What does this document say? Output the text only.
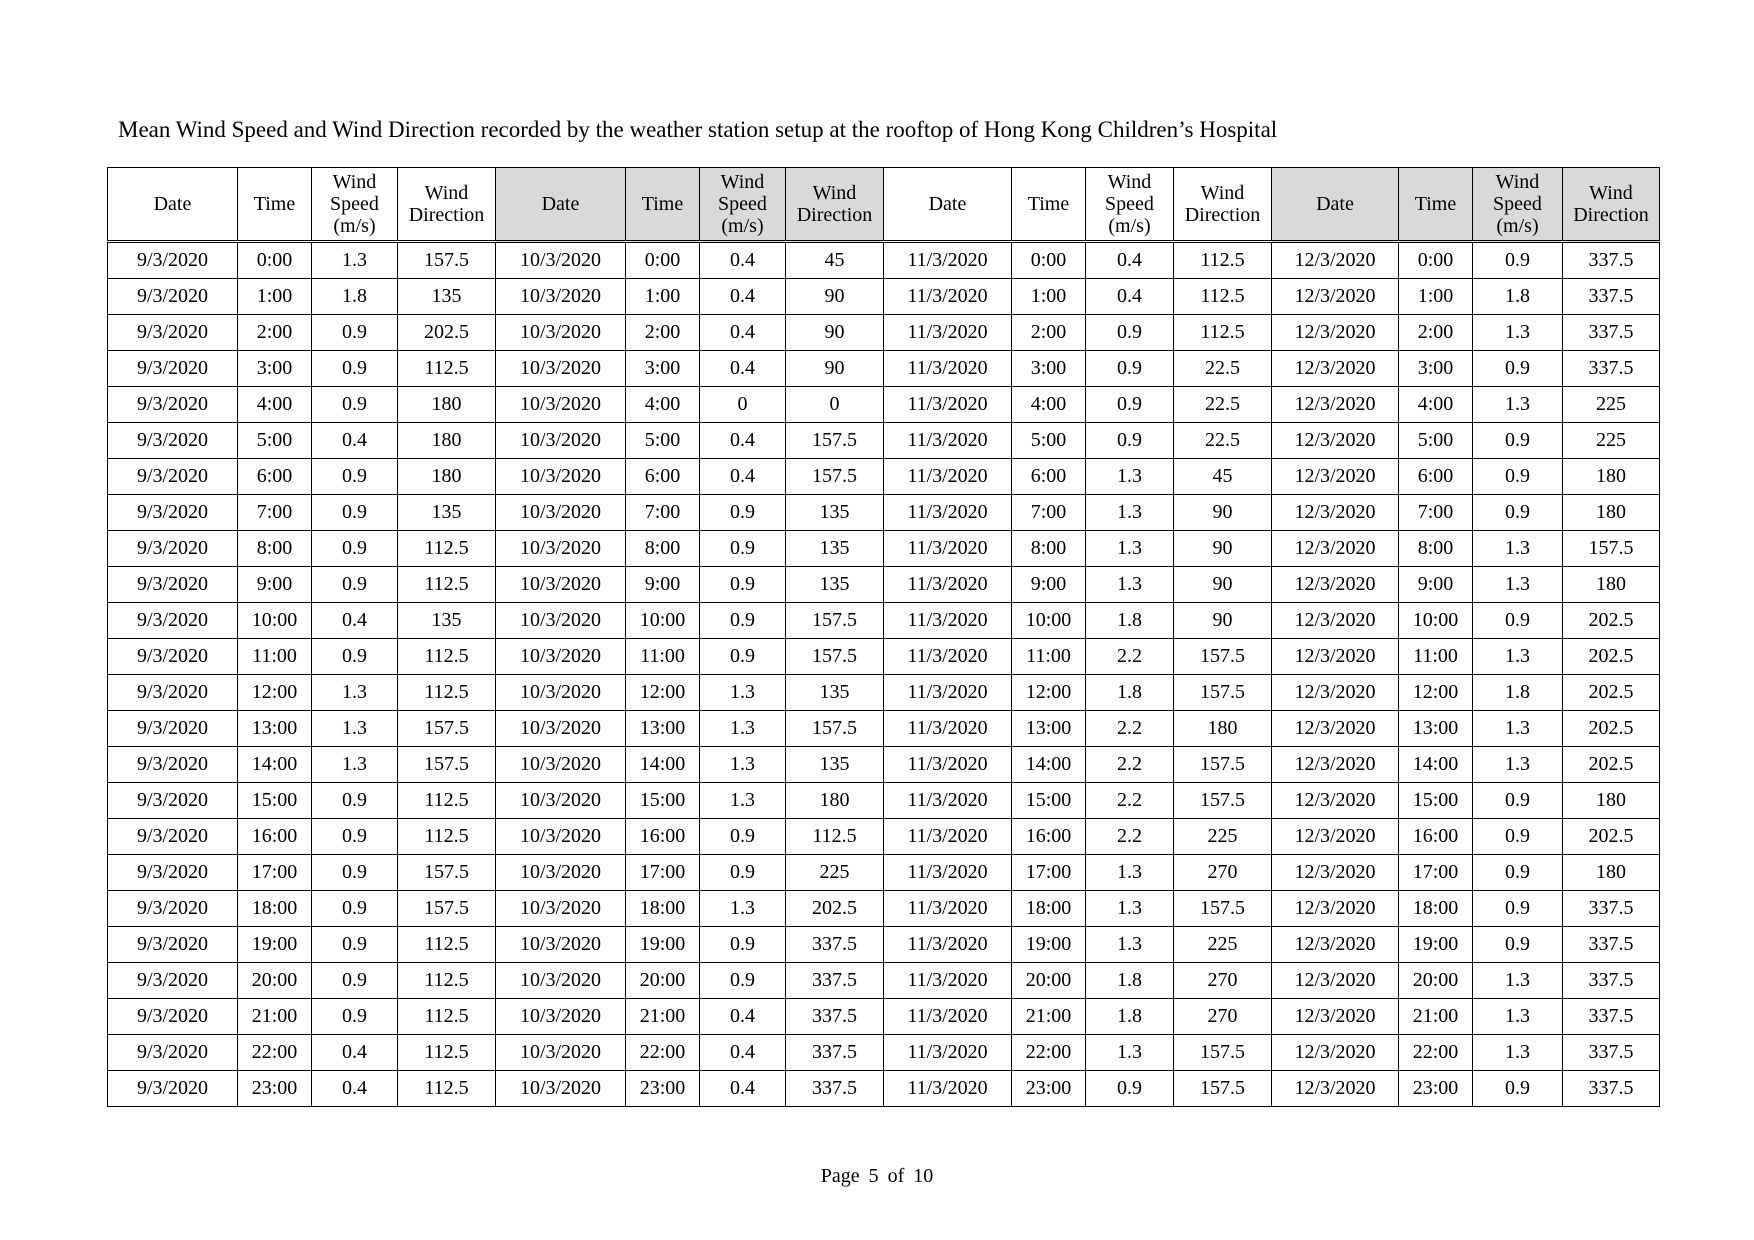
Mean Wind Speed and Wind Direction recorded by the weather station setup at the rooftop of Hong Kong Children’s Hospital
Date	Time	Wind
Speed
(m/s)	Wind
Direction	Date	Time	Wind
Speed
(m/s)	Wind
Direction	Date	Time	Wind
Speed
(m/s)	Wind
Direction	Date	Time	Wind
Speed
(m/s)	Wind
Direction

9/3/2020	0:00	1.3	157.5	10/3/2020	0:00	0.4	45	11/3/2020	0:00	0.4	112.5	12/3/2020	0:00	0.9	337.5
9/3/2020	1:00	1.8	135	10/3/2020	1:00	0.4	90	11/3/2020	1:00	0.4	112.5	12/3/2020	1:00	1.8	337.5
9/3/2020	2:00	0.9	202.5	10/3/2020	2:00	0.4	90	11/3/2020	2:00	0.9	112.5	12/3/2020	2:00	1.3	337.5
9/3/2020	3:00	0.9	112.5	10/3/2020	3:00	0.4	90	11/3/2020	3:00	0.9	22.5	12/3/2020	3:00	0.9	337.5
9/3/2020	4:00	0.9	180	10/3/2020	4:00	0	0	11/3/2020	4:00	0.9	22.5	12/3/2020	4:00	1.3	225
9/3/2020	5:00	0.4	180	10/3/2020	5:00	0.4	157.5	11/3/2020	5:00	0.9	22.5	12/3/2020	5:00	0.9	225
9/3/2020	6:00	0.9	180	10/3/2020	6:00	0.4	157.5	11/3/2020	6:00	1.3	45	12/3/2020	6:00	0.9	180
9/3/2020	7:00	0.9	135	10/3/2020	7:00	0.9	135	11/3/2020	7:00	1.3	90	12/3/2020	7:00	0.9	180
9/3/2020	8:00	0.9	112.5	10/3/2020	8:00	0.9	135	11/3/2020	8:00	1.3	90	12/3/2020	8:00	1.3	157.5
9/3/2020	9:00	0.9	112.5	10/3/2020	9:00	0.9	135	11/3/2020	9:00	1.3	90	12/3/2020	9:00	1.3	180
9/3/2020	10:00	0.4	135	10/3/2020	10:00	0.9	157.5	11/3/2020	10:00	1.8	90	12/3/2020	10:00	0.9	202.5
9/3/2020	11:00	0.9	112.5	10/3/2020	11:00	0.9	157.5	11/3/2020	11:00	2.2	157.5	12/3/2020	11:00	1.3	202.5
9/3/2020	12:00	1.3	112.5	10/3/2020	12:00	1.3	135	11/3/2020	12:00	1.8	157.5	12/3/2020	12:00	1.8	202.5
9/3/2020	13:00	1.3	157.5	10/3/2020	13:00	1.3	157.5	11/3/2020	13:00	2.2	180	12/3/2020	13:00	1.3	202.5
9/3/2020	14:00	1.3	157.5	10/3/2020	14:00	1.3	135	11/3/2020	14:00	2.2	157.5	12/3/2020	14:00	1.3	202.5
9/3/2020	15:00	0.9	112.5	10/3/2020	15:00	1.3	180	11/3/2020	15:00	2.2	157.5	12/3/2020	15:00	0.9	180
9/3/2020	16:00	0.9	112.5	10/3/2020	16:00	0.9	112.5	11/3/2020	16:00	2.2	225	12/3/2020	16:00	0.9	202.5
9/3/2020	17:00	0.9	157.5	10/3/2020	17:00	0.9	225	11/3/2020	17:00	1.3	270	12/3/2020	17:00	0.9	180
9/3/2020	18:00	0.9	157.5	10/3/2020	18:00	1.3	202.5	11/3/2020	18:00	1.3	157.5	12/3/2020	18:00	0.9	337.5
9/3/2020	19:00	0.9	112.5	10/3/2020	19:00	0.9	337.5	11/3/2020	19:00	1.3	225	12/3/2020	19:00	0.9	337.5
9/3/2020	20:00	0.9	112.5	10/3/2020	20:00	0.9	337.5	11/3/2020	20:00	1.8	270	12/3/2020	20:00	1.3	337.5
9/3/2020	21:00	0.9	112.5	10/3/2020	21:00	0.4	337.5	11/3/2020	21:00	1.8	270	12/3/2020	21:00	1.3	337.5
9/3/2020	22:00	0.4	112.5	10/3/2020	22:00	0.4	337.5	11/3/2020	22:00	1.3	157.5	12/3/2020	22:00	1.3	337.5
9/3/2020	23:00	0.4	112.5	10/3/2020	23:00	0.4	337.5	11/3/2020	23:00	0.9	157.5	12/3/2020	23:00	0.9	337.5
Page 5 of 10
